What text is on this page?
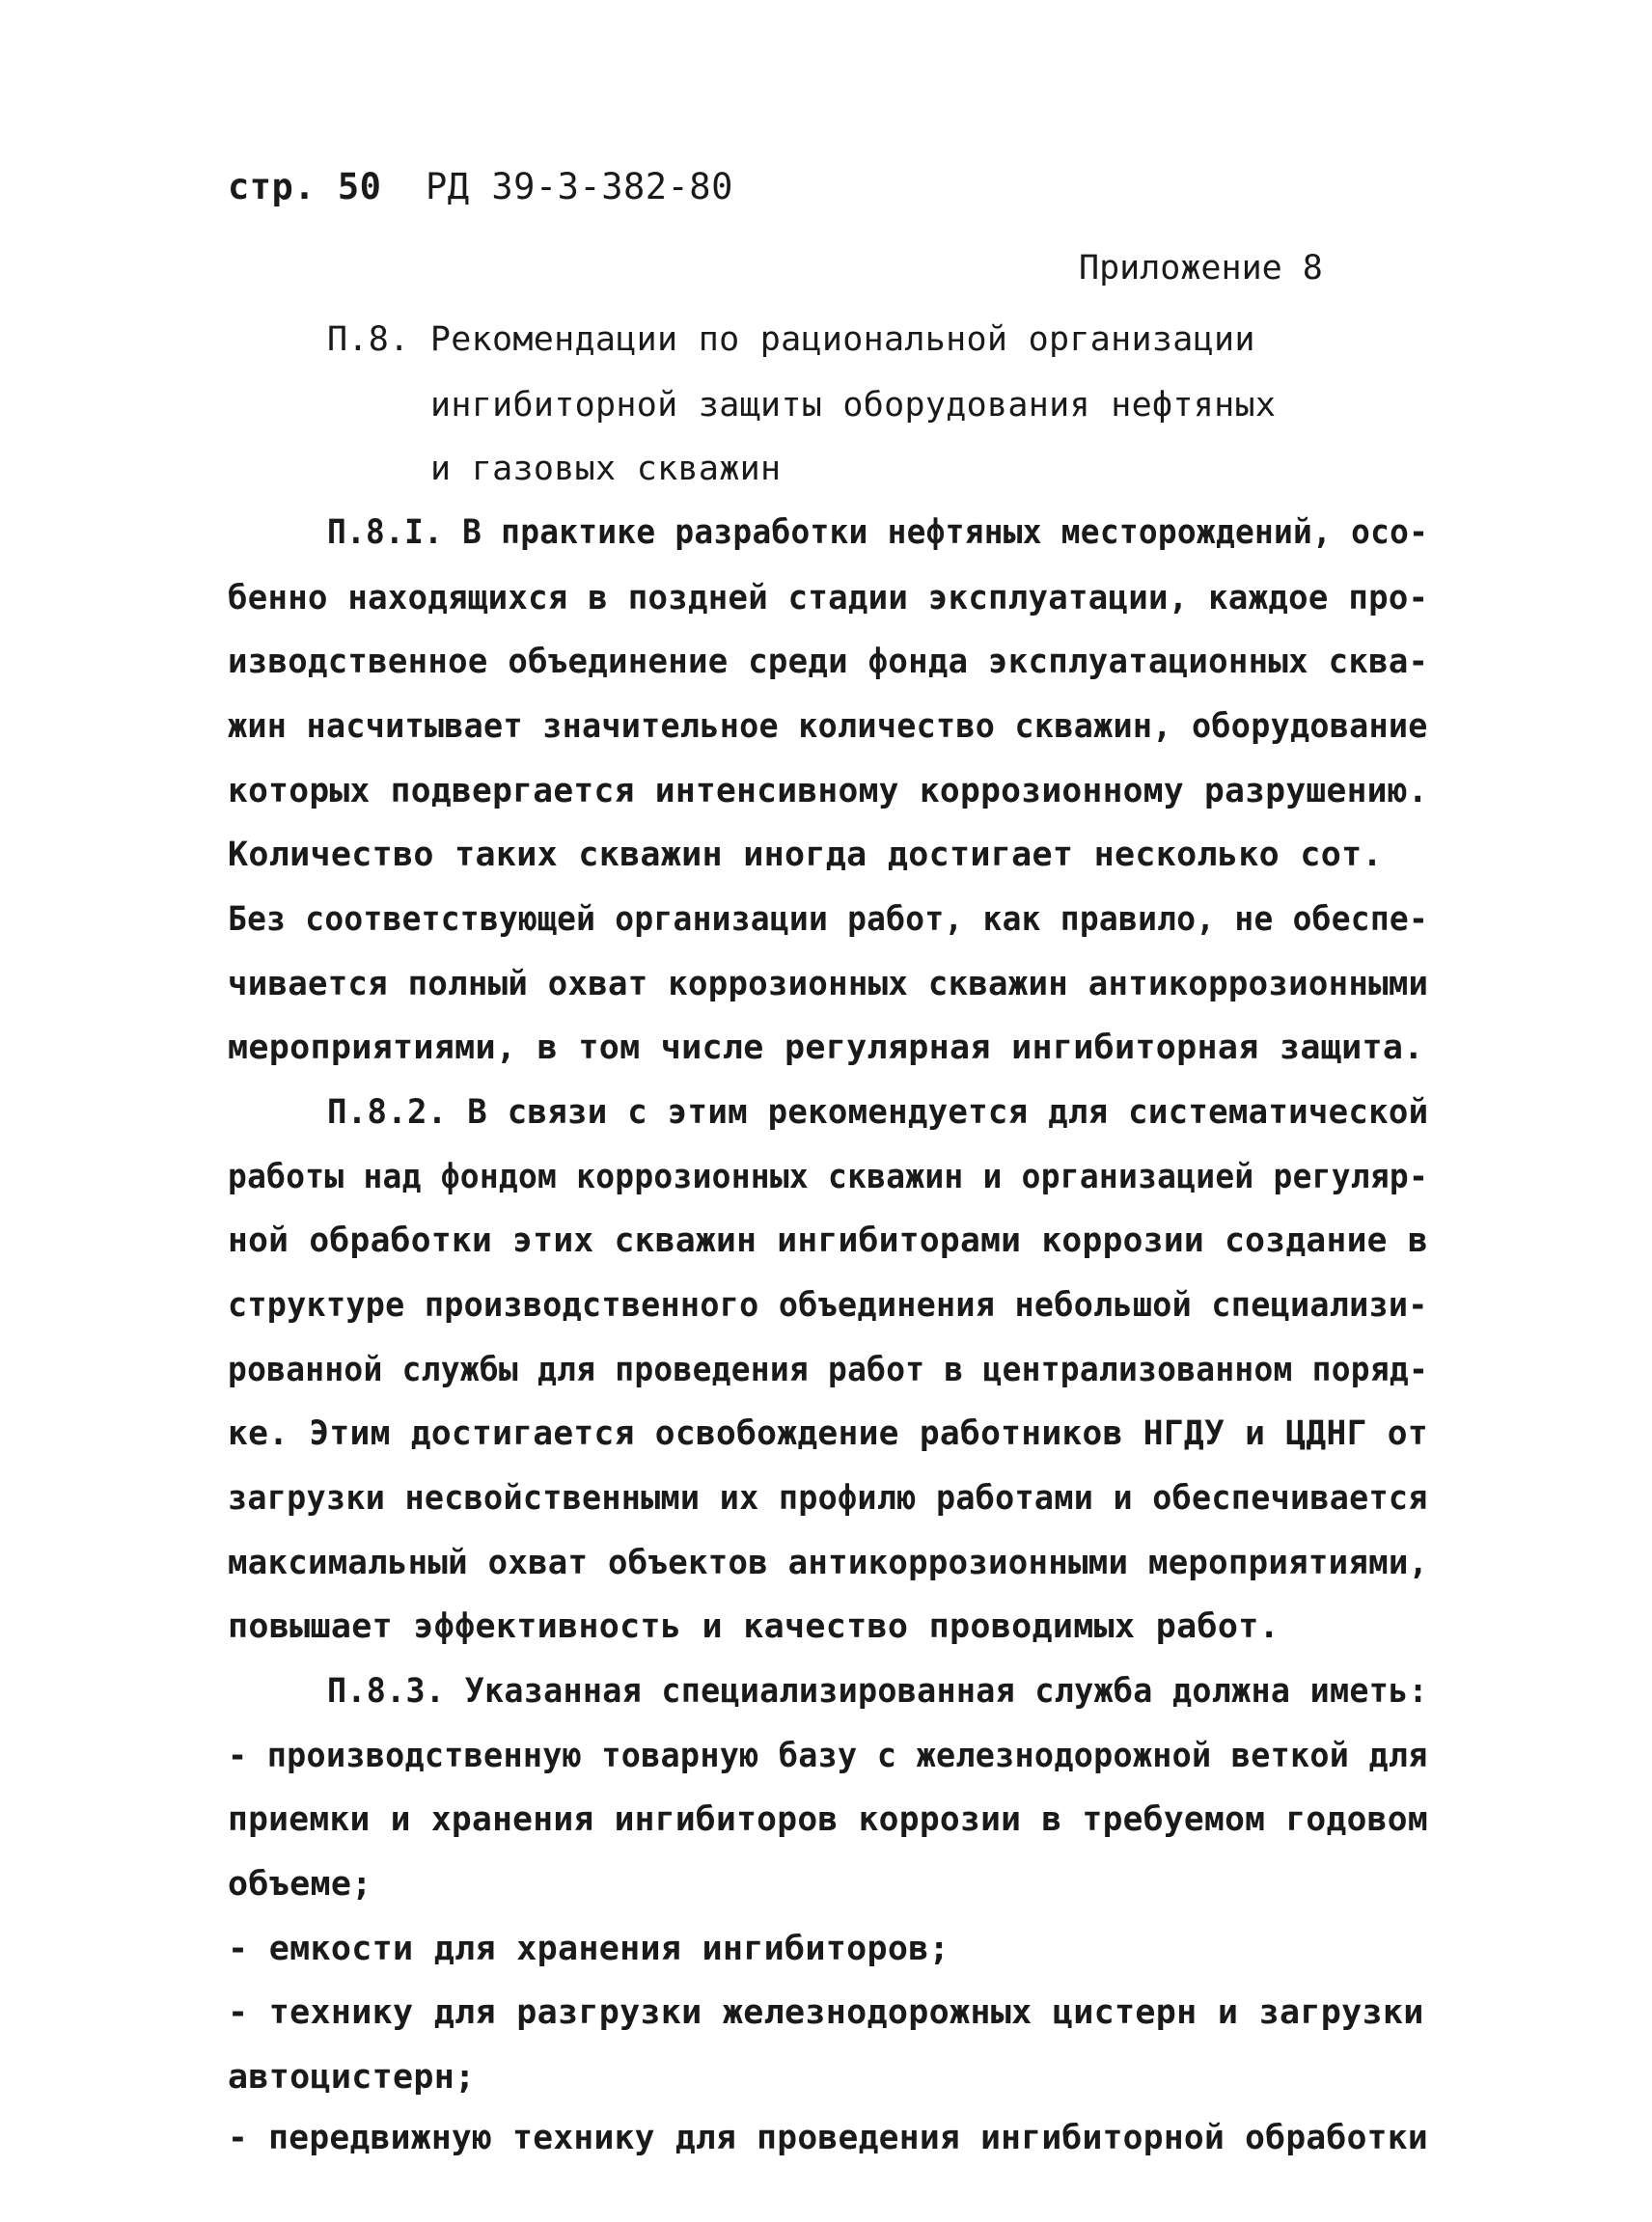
стр. 50 РД 39-3-382-80
Приложение 8
П.8. Рекомендации по рациональной организации
ингибиторной защиты оборудования нефтяных
и газовых скважин
П.8.I. В практике разработки нефтяных месторождений, осо-
бенно находящихся в поздней стадии эксплуатации, каждое про-
изводственное объединение среди фонда эксплуатационных сква-
жин насчитывает значительное количество скважин, оборудование
которых подвергается интенсивному коррозионному разрушению.
Количество таких скважин иногда достигает несколько сот.
Без соответствующей организации работ, как правило, не обеспе-
чивается полный охват коррозионных скважин антикоррозионными
мероприятиями, в том числе регулярная ингибиторная защита.
П.8.2. В связи с этим рекомендуется для систематической
работы над фондом коррозионных скважин и организацией регуляр-
ной обработки этих скважин ингибиторами коррозии создание в
структуре производственного объединения небольшой специализи-
рованной службы для проведения работ в централизованном поряд-
ке. Этим достигается освобождение работников НГДУ и ЦДНГ от
загрузки несвойственными их профилю работами и обеспечивается
максимальный охват объектов антикоррозионными мероприятиями,
повышает эффективность и качество проводимых работ.
П.8.3. Указанная специализированная служба должна иметь:
- производственную товарную базу с железнодорожной веткой для
приемки и хранения ингибиторов коррозии в требуемом годовом
объеме;
- емкости для хранения ингибиторов;
- технику для разгрузки железнодорожных цистерн и загрузки
автоцистерн;
- передвижную технику для проведения ингибиторной обработки
